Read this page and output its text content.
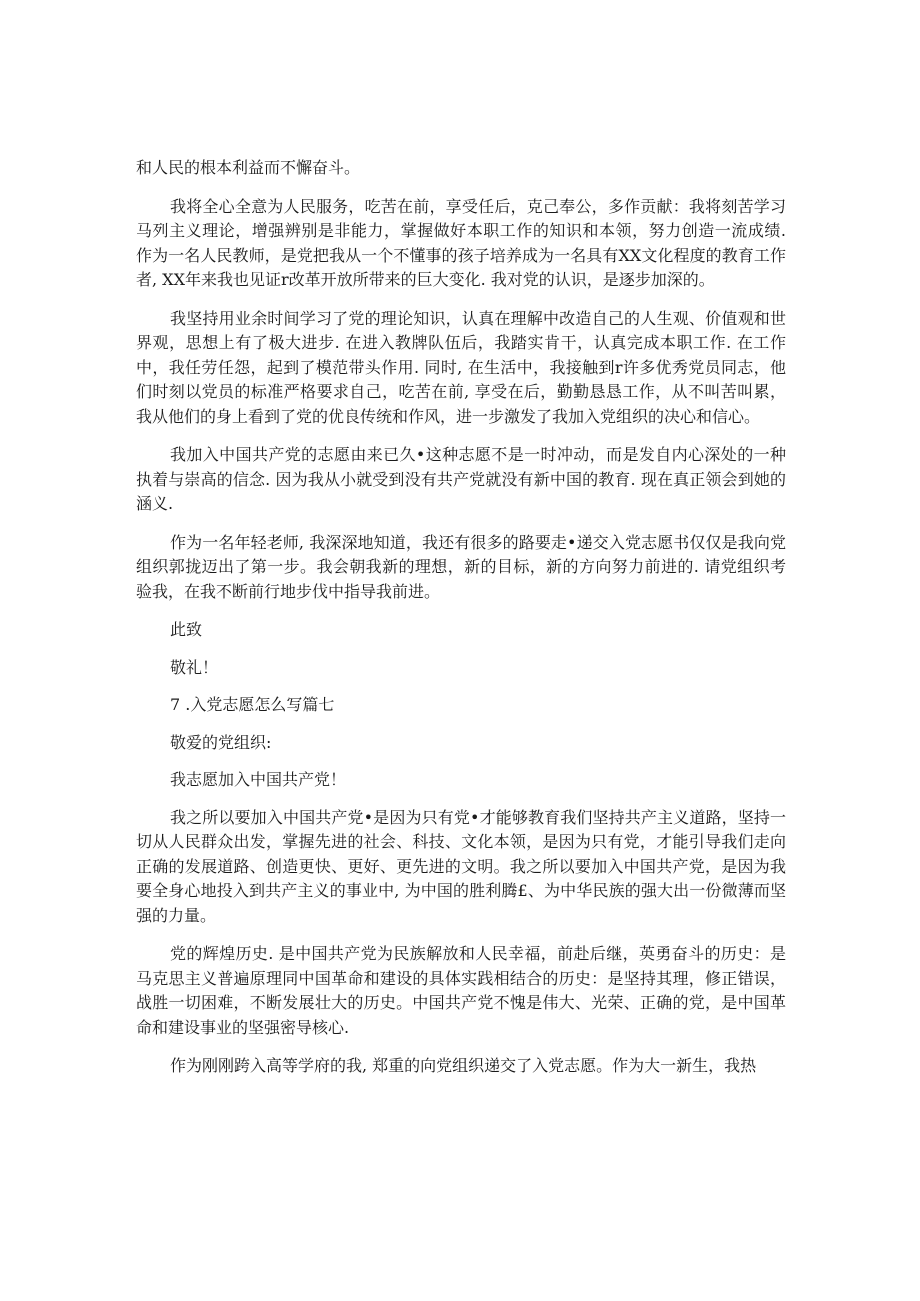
和人民的根本利益而不懈奋斗。

我将全心全意为人民服务，吃苦在前，享受任后，克己奉公，多作贡献：我将刻苦学习马列主义理论，增强辨别是非能力，掌握做好本职工作的知识和本领，努力创造一流成绩. 作为一名人民教师，是党把我从一个不懂事的孩子培养成为一名具有XX文化程度的教育工作者, XX年来我也见证r改革开放所带来的巨大变化. 我对党的认识，是逐步加深的。

我坚持用业余时间学习了党的理论知识，认真在理解中改造自己的人生观、价值观和世界观，思想上有了极大进步. 在进入教牌队伍后，我踏实肯干，认真完成本职工作. 在工作中，我任劳任怨，起到了模范带头作用. 同时, 在生活中，我接触到r许多优秀党员同志，他们时刻以党员的标准严格要求自己，吃苦在前, 享受在后，勤勤恳恳工作，从不叫苦叫累，我从他们的身上看到了党的优良传统和作风，进一步激发了我加入党组织的决心和信心。

我加入中国共产党的志愿由来已久•这种志愿不是一时冲动，而是发自内心深处的一种执着与崇高的信念. 因为我从小就受到没有共产党就没有新中国的教育. 现在真正领会到她的涵义.

作为一名年轻老师, 我深深地知道，我还有很多的路要走•递交入党志愿书仅仅是我向党组织郭拢迈出了第一步。我会朝我新的理想，新的目标，新的方向努力前进的. 请党组织考验我，在我不断前行地步伐中指导我前进。

此致

敬礼！

7 .入党志愿怎么写篇七

敬爱的党组织:

我志愿加入中国共产党！

我之所以要加入中国共产党•是因为只有党•才能够教育我们坚持共产主义道路，坚持一切从人民群众出发，掌握先进的社会、科技、文化本领，是因为只有党，才能引导我们走向正确的发展道路、创造更快、更好、更先进的文明。我之所以要加入中国共产党，是因为我要全身心地投入到共产主义的事业中, 为中国的胜利腾£、为中华民族的强大出一份微薄而坚强的力量。

党的辉煌历史. 是中国共产党为民族解放和人民幸福，前赴后继，英勇奋斗的历史：是马克思主义普遍原理同中国革命和建设的具体实践相结合的历史：是坚持其理，修正错误，战胜一切困难，不断发展壮大的历史。中国共产党不愧是伟大、光荣、正确的党，是中国革命和建设事业的坚强密导核心.

作为刚刚跨入高等学府的我, 郑重的向党组织递交了入党志愿。作为大一新生，我热
